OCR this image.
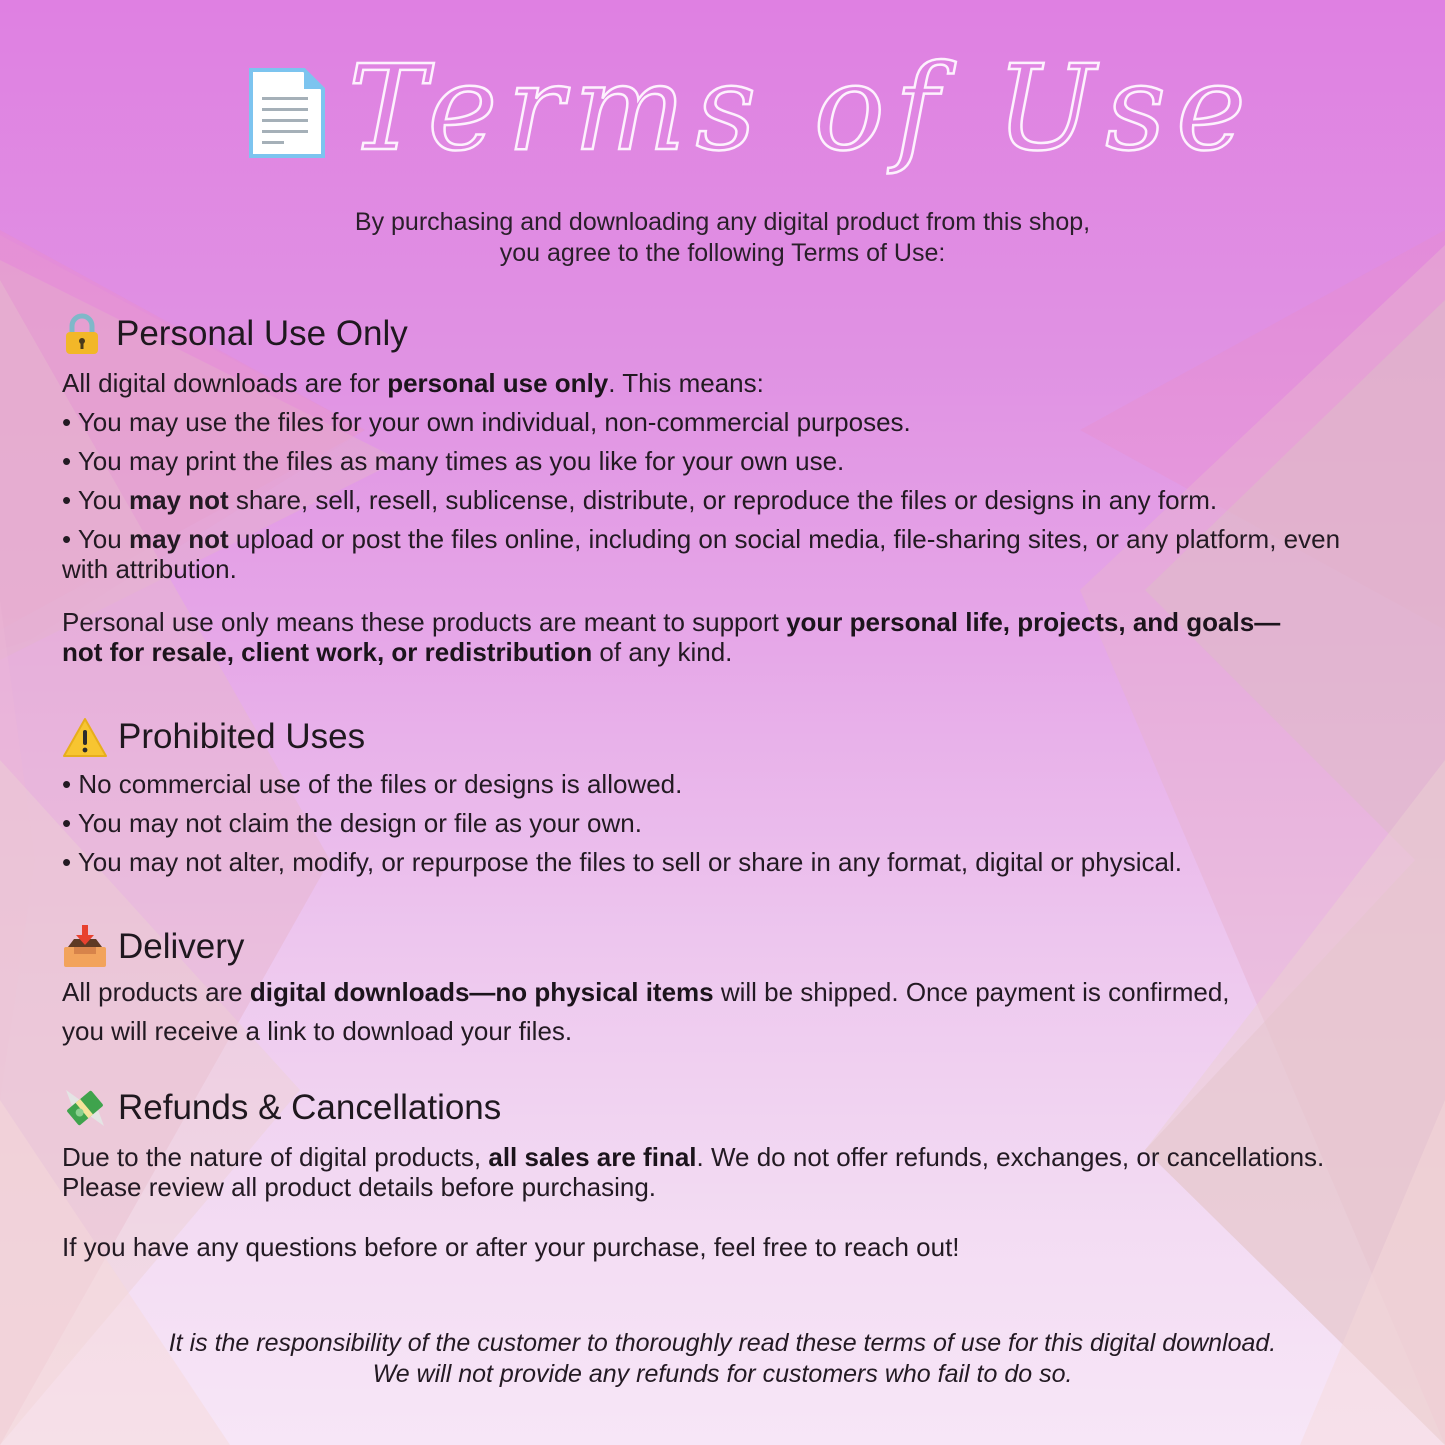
Terms of Use
By purchasing and downloading any digital product from this shop,
you agree to the following Terms of Use:
Personal Use Only
All digital downloads are for personal use only. This means:
• You may use the files for your own individual, non-commercial purposes.
• You may print the files as many times as you like for your own use.
• You may not share, sell, resell, sublicense, distribute, or reproduce the files or designs in any form.
• You may not upload or post the files online, including on social media, file-sharing sites, or any platform, even with attribution.
Personal use only means these products are meant to support your personal life, projects, and goals—not for resale, client work, or redistribution of any kind.
Prohibited Uses
• No commercial use of the files or designs is allowed.
• You may not claim the design or file as your own.
• You may not alter, modify, or repurpose the files to sell or share in any format, digital or physical.
Delivery
All products are digital downloads—no physical items will be shipped. Once payment is confirmed,
you will receive a link to download your files.
Refunds & Cancellations
Due to the nature of digital products, all sales are final. We do not offer refunds, exchanges, or cancellations. Please review all product details before purchasing.
If you have any questions before or after your purchase, feel free to reach out!
It is the responsibility of the customer to thoroughly read these terms of use for this digital download.
We will not provide any refunds for customers who fail to do so.
